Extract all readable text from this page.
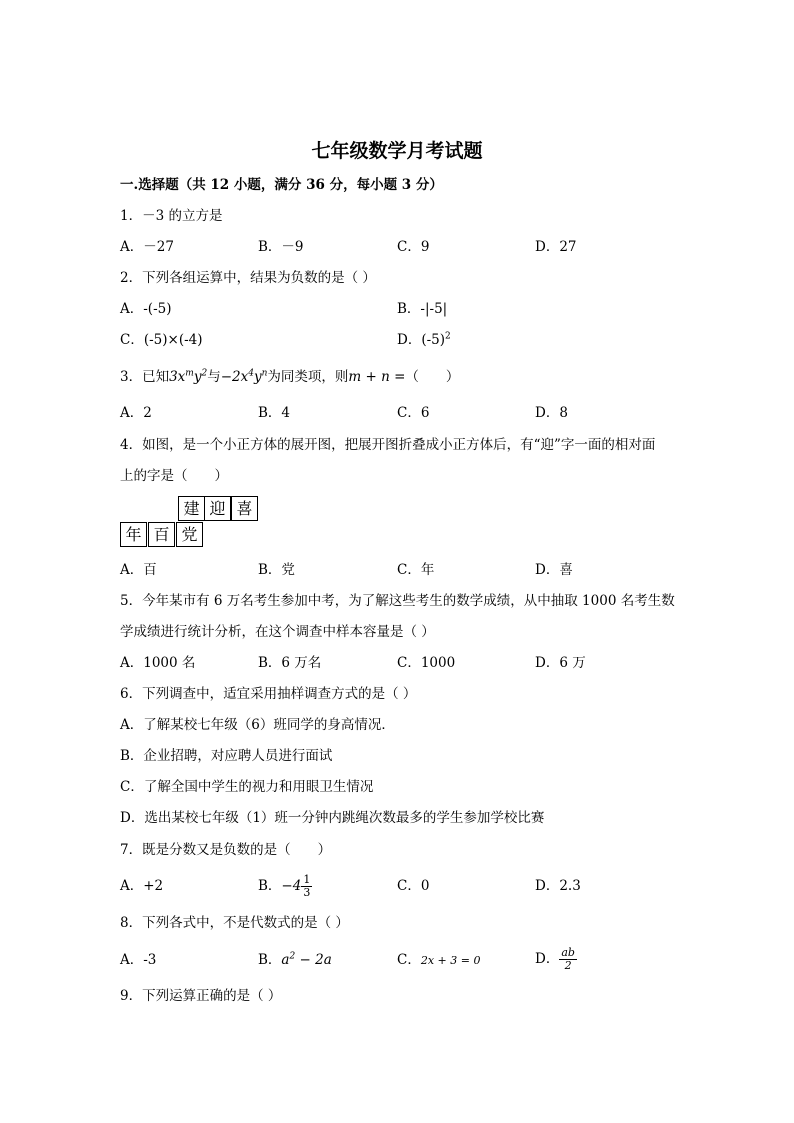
七年级数学月考试题
一.选择题（共 12 小题，满分 36 分，每小题 3 分）
1．－3 的立方是
A．－27	B．－9	C．9	D．27
2．下列各组运算中，结果为负数的是（ ）
A．-(-5)	B．-|-5|
C．(-5)×(-4)	D．$(-5)^2$
3．已知$3x^my^2$与$-2x^4y^n$为同类项，则m + n =（　　）
A．2	B．4	C．6	D．8
4．如图，是一个小正方体的展开图，把展开图折叠成小正方体后，有“迎”字一面的相对面
上的字是（　　）
建 迎 喜
年 百 党
A．百	B．党	C．年	D．喜
5．今年某市有 6 万名考生参加中考，为了解这些考生的数学成绩，从中抽取 1000 名考生数
学成绩进行统计分析，在这个调查中样本容量是（ ）
A．1000 名	B．6 万名	C．1000	D．6 万
6．下列调查中，适宜采用抽样调查方式的是（ ）
A．了解某校七年级（6）班同学的身高情况．
B．企业招聘，对应聘人员进行面试
C．了解全国中学生的视力和用眼卫生情况
D．选出某校七年级（1）班一分钟内跳绳次数最多的学生参加学校比赛
7．既是分数又是负数的是（　　）
A．+2	B．$-4 \frac{1}{3}$	C．0	D．2.3
8．下列各式中，不是代数式的是（ ）
A．-3	B．$a^2 - 2a$	C．2x + 3 = 0	D． $\frac{ab}{2}$
9．下列运算正确的是（ ）
